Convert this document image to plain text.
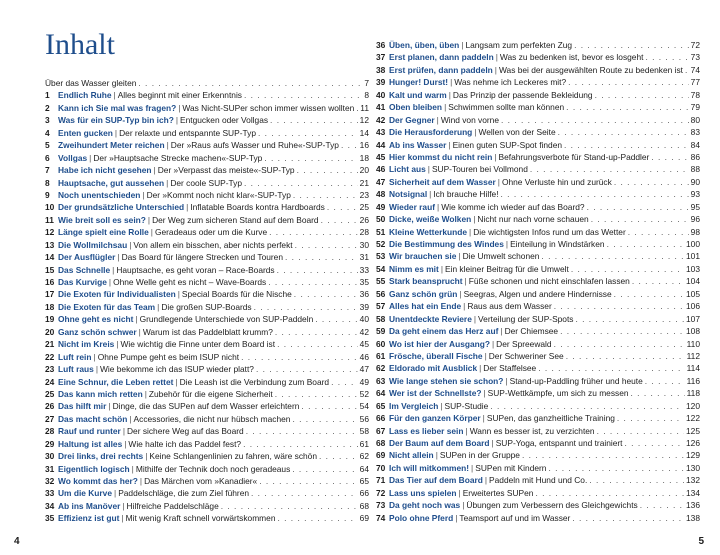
Inhalt
Über das Wasser gleiten . . .	7
1 Endlich Ruhe | Alles beginnt mit einer Erkenntnis . . .	8
2 Kann ich Sie mal was fragen? | Was Nicht-SUPer schon immer wissen wollten . . . 11
3 Was für ein SUP-Typ bin ich? | Entgucken oder Vollgas . . .	12
4 Enten gucken | Der relaxte und entspannte SUP-Typ . . .	14
5 Zweihundert Meter reichen | Der »Raus aufs Wasser und Ruhe«-SUP-Typ . . . 16
6 Vollgas | Der »Hauptsache Strecke machen«-SUP-Typ . . .	18
7 Habe ich nicht gesehen | Der »Verpasst das meiste«-SUP-Typ . . .	20
8 Hauptsache, gut aussehen | Der coole SUP-Typ . . .	21
9 Noch unentschieden | Der »Kommt noch nicht klar«-SUP-Typ . . .	23
10 Der grundsätzliche Unterschied | Inflatable Boards kontra Hardboards . . .	25
11 Wie breit soll es sein? | Der Weg zum sicheren Stand auf dem Board . . .	26
12 Länge spielt eine Rolle | Geradeaus oder um die Kurve . . .	28
13 Die Wollmilchsau | Von allem ein bisschen, aber nichts perfekt . . .	30
14 Der Ausflügler | Das Board für längere Strecken und Touren . . .	31
15 Das Schnelle | Hauptsache, es geht voran – Race-Boards . . .	33
16 Das Kurvige | Ohne Welle geht es nicht – Wave-Boards . . .	35
17 Die Exoten für Individualisten | Special Boards für die Nische . . .	36
18 Die Exoten für das Team | Die großen SUP-Boards . . .	39
19 Ohne geht es nicht | Grundlegende Unterschiede von SUP-Paddeln . . .	40
20 Ganz schön schwer | Warum ist das Paddelblatt krumm? . . .	42
21 Nicht im Kreis | Wie wichtig die Finne unter dem Board ist . . .	45
22 Luft rein | Ohne Pumpe geht es beim ISUP nicht . . .	46
23 Luft raus | Wie bekomme ich das ISUP wieder platt? . . .	47
24 Eine Schnur, die Leben rettet | Die Leash ist die Verbindung zum Board . . .	49
25 Das kann mich retten | Zubehör für die eigene Sicherheit . . .	52
26 Das hilft mir | Dinge, die das SUPen auf dem Wasser erleichtern . . .	54
27 Das macht schön | Accessories, die nicht nur hübsch machen . . .	56
28 Rauf und runter | Der sichere Weg auf das Board . . .	58
29 Haltung ist alles | Wie halte ich das Paddel fest? . . .	61
30 Drei links, drei rechts | Keine Schlangenlinien zu fahren, wäre schön . . .	62
31 Eigentlich logisch | Mithilfe der Technik doch noch geradeaus . . .	64
32 Wo kommt das her? | Das Märchen vom »Kanadier« . . .	65
33 Um die Kurve | Paddelschläge, die zum Ziel führen . . .	66
34 Ab ins Manöver | Hilfreiche Paddelschläge . . .	68
35 Effizienz ist gut | Mit wenig Kraft schnell vorwärtskommen . . .	69
36 Üben, üben, üben | Langsam zum perfekten Zug . . .	72
37 Erst planen, dann paddeln | Was zu bedenken ist, bevor es losgeht . . .	73
38 Erst prüfen, dann paddeln | Was bei der ausgewählten Route zu bedenken ist . . . 74
39 Hunger! Durst! | Was nehme ich Leckeres mit? . . .	77
40 Kalt und warm | Das Prinzip der passende Bekleidung . . .	78
41 Oben bleiben | Schwimmen sollte man können . . .	79
42 Der Gegner | Wind von vorne . . .	80
43 Die Herausforderung | Wellen von der Seite . . .	83
44 Ab ins Wasser | Einen guten SUP-Spot finden . . .	84
45 Hier kommst du nicht rein | Befahrungsverbote für Stand-up-Paddler . . .	86
46 Licht aus | SUP-Touren bei Vollmond . . .	88
47 Sicherheit auf dem Wasser | Ohne Verluste hin und zurück . . .	90
48 Notsignal | Ich brauche Hilfe! . . .	93
49 Wieder rauf | Wie komme ich wieder auf das Board? . . .	95
50 Dicke, weiße Wolken | Nicht nur nach vorne schauen . . .	96
51 Kleine Wetterkunde | Die wichtigsten Infos rund um das Wetter . . .	98
52 Die Bestimmung des Windes | Einteilung in Windstärken . . .	100
53 Wir brauchen sie | Die Umwelt schonen . . .	101
54 Nimm es mit | Ein kleiner Beitrag für die Umwelt . . .	103
55 Stark beansprucht | Füße schonen und nicht einschlafen lassen . . .	104
56 Ganz schön grün | Seegras, Algen und andere Hindernisse . . .	105
57 Alles hat ein Ende | Raus aus dem Wasser . . .	106
58 Unentdeckte Reviere | Verteilung der SUP-Spots . . .	107
59 Da geht einem das Herz auf | Der Chiemsee . . .	108
60 Wo ist hier der Ausgang? | Der Spreewald . . .	110
61 Frösche, überall Fische | Der Schweriner See . . .	112
62 Eldorado mit Ausblick | Der Staffelsee . . .	114
63 Wie lange stehen sie schon? | Stand-up-Paddling früher und heute . . .	116
64 Wer ist der Schnellste? | SUP-Wettkämpfe, um sich zu messen . . .	118
65 Im Vergleich | SUP-Studie . . .	120
66 Für den ganzen Körper | SUPen, das ganzheitliche Training . . .	122
67 Lass es lieber sein | Wann es besser ist, zu verzichten . . .	125
68 Der Baum auf dem Board | SUP-Yoga, entspannt und trainiert . . .	126
69 Nicht allein | SUPen in der Gruppe . . .	129
70 Ich will mitkommen! | SUPen mit Kindern . . .	130
71 Das Tier auf dem Board | Paddeln mit Hund und Co. . . .	132
72 Lass uns spielen | Erweitertes SUPen . . .	134
73 Da geht noch was | Übungen zum Verbessern des Gleichgewichts . . .	136
74 Polo ohne Pferd | Teamsport auf und im Wasser . . .	138
4	5
